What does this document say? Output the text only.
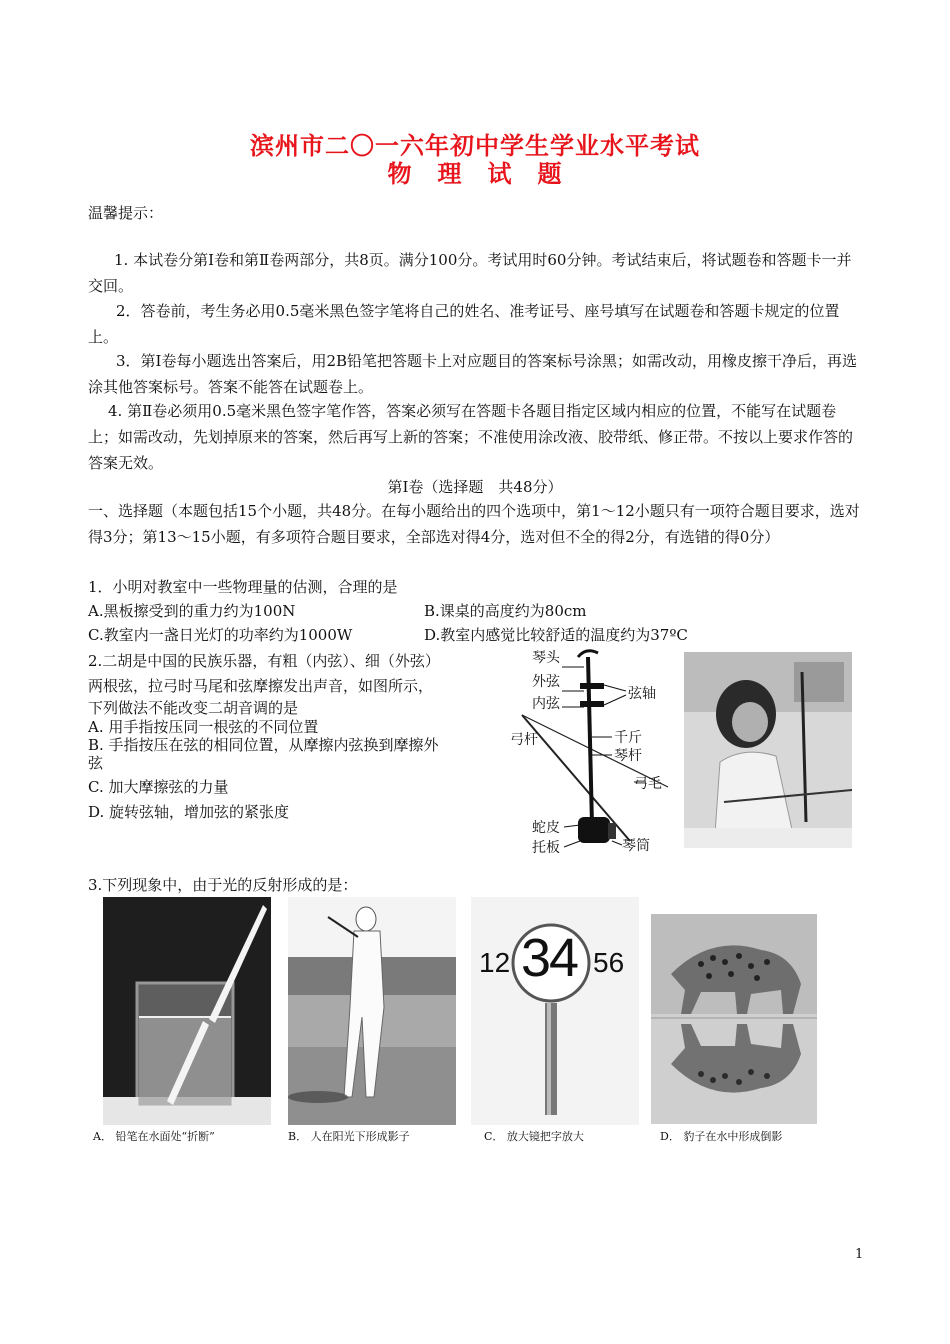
滨州市二〇一六年初中学生学业水平考试
物　理　试　题
温馨提示：
1. 本试卷分第Ⅰ卷和第Ⅱ卷两部分，共8页。满分100分。考试用时60分钟。考试结束后，将试题卷和答题卡一并交回。
2．答卷前，考生务必用0.5毫米黑色签字笔将自己的姓名、准考证号、座号填写在试题卷和答题卡规定的位置上。
3．第Ⅰ卷每小题选出答案后，用2B铅笔把答题卡上对应题目的答案标号涂黑；如需改动，用橡皮擦干净后，再选涂其他答案标号。答案不能答在试题卷上。
4. 第Ⅱ卷必须用0.5毫米黑色签字笔作答，答案必须写在答题卡各题目指定区域内相应的位置，不能写在试题卷上；如需改动，先划掉原来的答案，然后再写上新的答案；不准使用涂改液、胶带纸、修正带。不按以上要求作答的答案无效。
第Ⅰ卷（选择题　共48分）
一、选择题（本题包括15个小题，共48分。在每小题给出的四个选项中，第1～12小题只有一项符合题目要求，选对得3分；第13～15小题，有多项符合题目要求，全部选对得4分，选对但不全的得2分，有选错的得0分）
1．小明对教室中一些物理量的估测，合理的是
A.黑板擦受到的重力约为100N	B.课桌的高度约为80cm
C.教室内一盏日光灯的功率约为1000W	D.教室内感觉比较舒适的温度约为37ºC
2.二胡是中国的民族乐器，有粗（内弦）、细（外弦）
两根弦，拉弓时马尾和弦摩擦发出声音，如图所示，
下列做法不能改变二胡音调的是
A. 用手指按压同一根弦的不同位置
B. 手指按压在弦的相同位置，从摩擦内弦换到摩擦外
弦
C. 加大摩擦弦的力量
D. 旋转弦轴，增加弦的紧张度
琴头
外弦
内弦
弦轴
弓杆	千斤
琴杆
弓毛
蛇皮
托板	琴筒
3.下列现象中，由于光的反射形成的是：
A． 铅笔在水面处“折断”	B． 人在阳光下形成影子
12 34 56
C． 放大镜把字放大	D． 豹子在水中形成倒影
1
